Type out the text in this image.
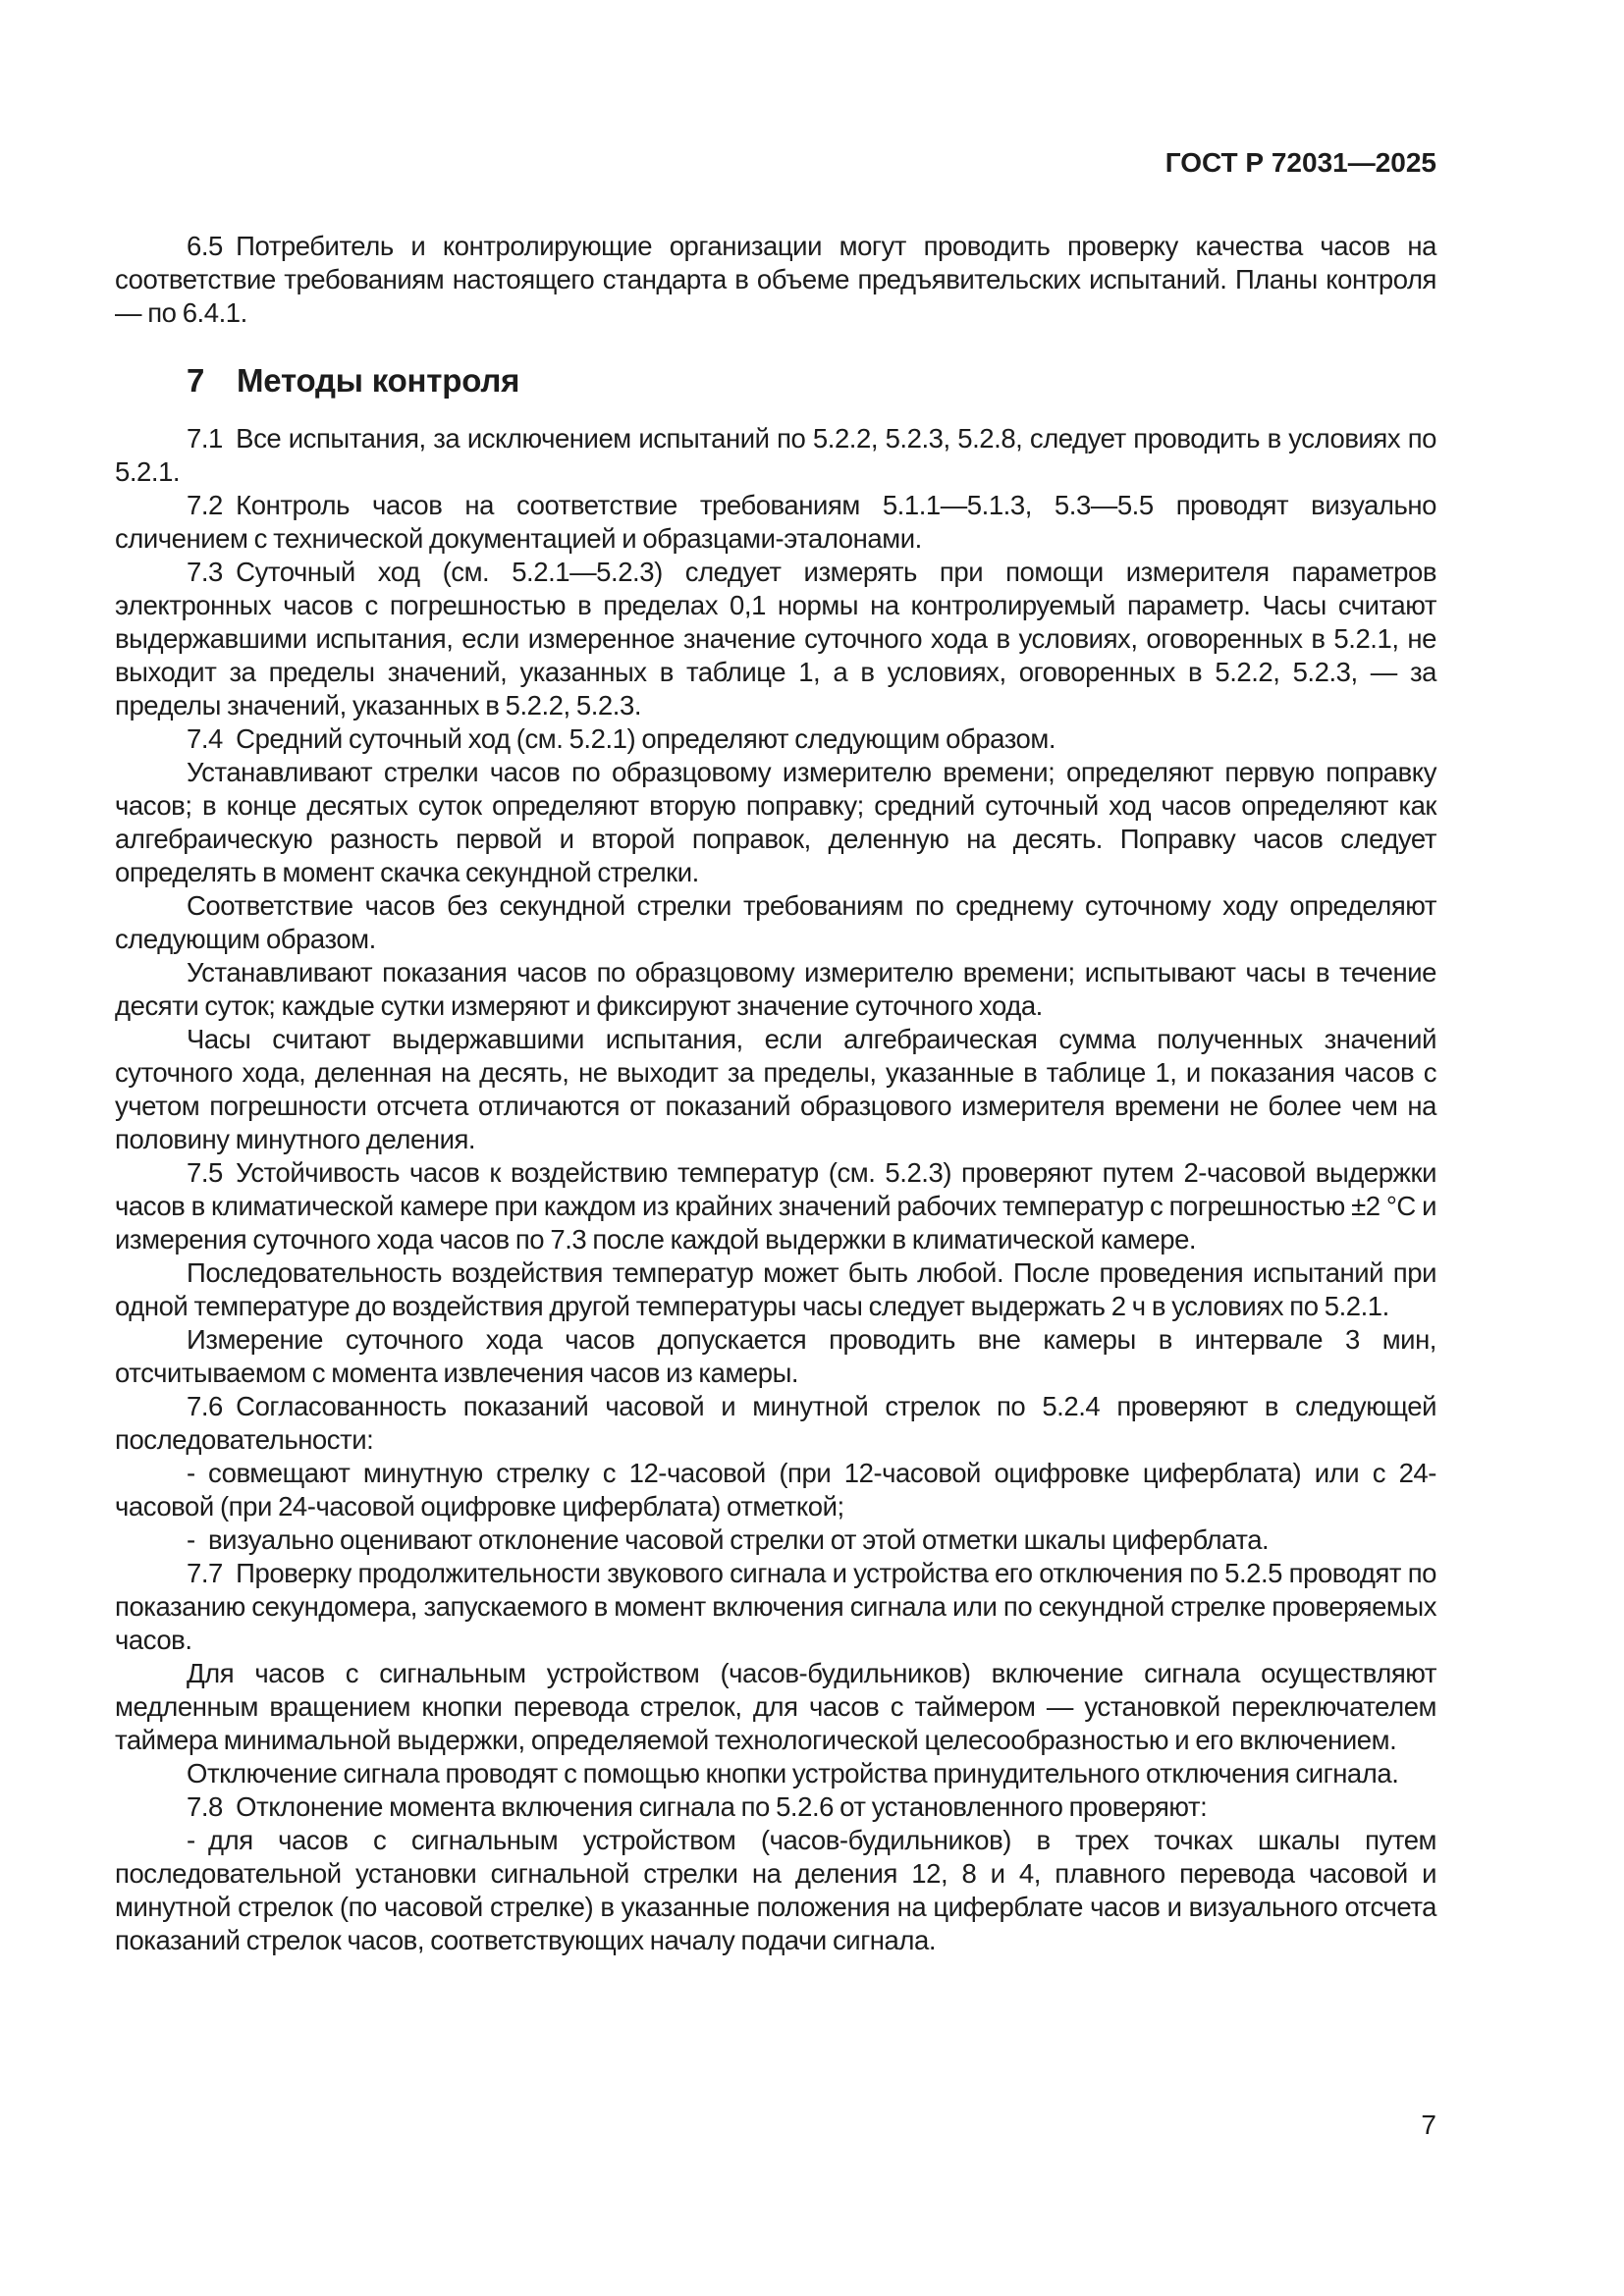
ГОСТ Р 72031—2025

6.5 Потребитель и контролирующие организации могут проводить проверку качества часов на соответствие требованиям настоящего стандарта в объеме предъявительских испытаний. Планы контроля — по 6.4.1.

7 Методы контроля

7.1 Все испытания, за исключением испытаний по 5.2.2, 5.2.3, 5.2.8, следует проводить в условиях по 5.2.1.

7.2 Контроль часов на соответствие требованиям 5.1.1—5.1.3, 5.3—5.5 проводят визуально сличением с технической документацией и образцами-эталонами.

7.3 Суточный ход (см. 5.2.1—5.2.3) следует измерять при помощи измерителя параметров электронных часов с погрешностью в пределах 0,1 нормы на контролируемый параметр. Часы считают выдержавшими испытания, если измеренное значение суточного хода в условиях, оговоренных в 5.2.1, не выходит за пределы значений, указанных в таблице 1, а в условиях, оговоренных в 5.2.2, 5.2.3, — за пределы значений, указанных в 5.2.2, 5.2.3.

7.4 Средний суточный ход (см. 5.2.1) определяют следующим образом.

Устанавливают стрелки часов по образцовому измерителю времени; определяют первую поправку часов; в конце десятых суток определяют вторую поправку; средний суточный ход часов определяют как алгебраическую разность первой и второй поправок, деленную на десять. Поправку часов следует определять в момент скачка секундной стрелки.

Соответствие часов без секундной стрелки требованиям по среднему суточному ходу определяют следующим образом.

Устанавливают показания часов по образцовому измерителю времени; испытывают часы в течение десяти суток; каждые сутки измеряют и фиксируют значение суточного хода.

Часы считают выдержавшими испытания, если алгебраическая сумма полученных значений суточного хода, деленная на десять, не выходит за пределы, указанные в таблице 1, и показания часов с учетом погрешности отсчета отличаются от показаний образцового измерителя времени не более чем на половину минутного деления.

7.5 Устойчивость часов к воздействию температур (см. 5.2.3) проверяют путем 2-часовой выдержки часов в климатической камере при каждом из крайних значений рабочих температур с погрешностью ±2 °С и измерения суточного хода часов по 7.3 после каждой выдержки в климатической камере.

Последовательность воздействия температур может быть любой. После проведения испытаний при одной температуре до воздействия другой температуры часы следует выдержать 2 ч в условиях по 5.2.1.

Измерение суточного хода часов допускается проводить вне камеры в интервале 3 мин, отсчитываемом с момента извлечения часов из камеры.

7.6 Согласованность показаний часовой и минутной стрелок по 5.2.4 проверяют в следующей последовательности:

- совмещают минутную стрелку с 12-часовой (при 12-часовой оцифровке циферблата) или с 24-часовой (при 24-часовой оцифровке циферблата) отметкой;

- визуально оценивают отклонение часовой стрелки от этой отметки шкалы циферблата.

7.7 Проверку продолжительности звукового сигнала и устройства его отключения по 5.2.5 проводят по показанию секундомера, запускаемого в момент включения сигнала или по секундной стрелке проверяемых часов.

Для часов с сигнальным устройством (часов-будильников) включение сигнала осуществляют медленным вращением кнопки перевода стрелок, для часов с таймером — установкой переключателем таймера минимальной выдержки, определяемой технологической целесообразностью и его включением.

Отключение сигнала проводят с помощью кнопки устройства принудительного отключения сигнала.

7.8 Отклонение момента включения сигнала по 5.2.6 от установленного проверяют:

- для часов с сигнальным устройством (часов-будильников) в трех точках шкалы путем последовательной установки сигнальной стрелки на деления 12, 8 и 4, плавного перевода часовой и минутной стрелок (по часовой стрелке) в указанные положения на циферблате часов и визуального отсчета показаний стрелок часов, соответствующих началу подачи сигнала.

7
